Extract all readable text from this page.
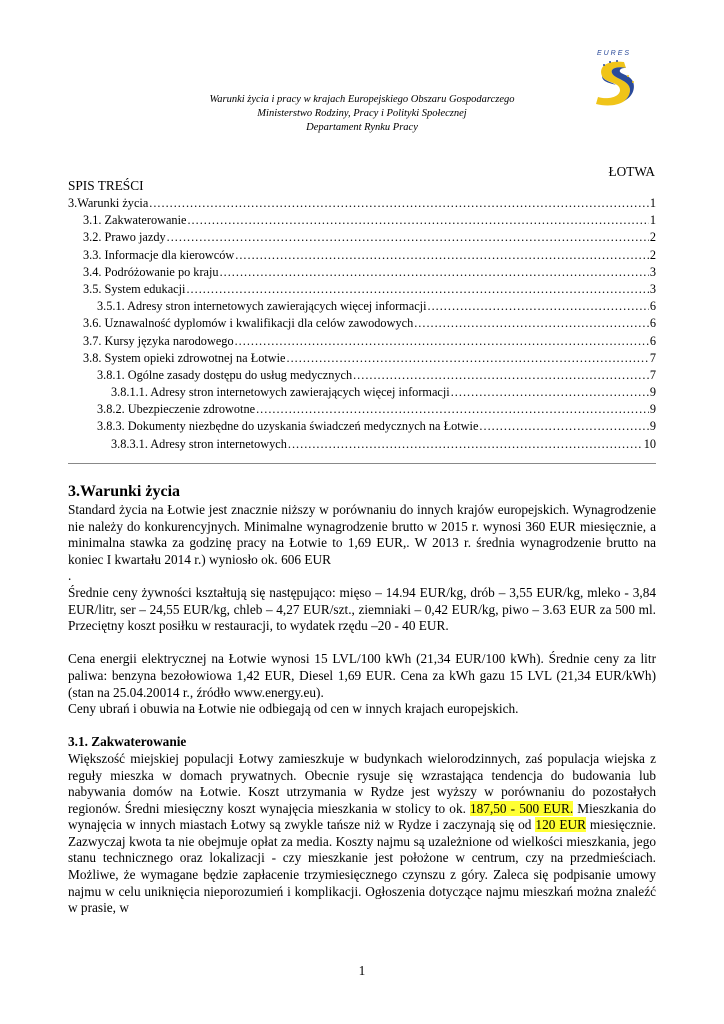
EURES
Warunki życia i pracy w krajach Europejskiego Obszaru Gospodarczego
Ministerstwo Rodziny, Pracy i Polityki Społecznej
Departament Rynku Pracy
ŁOTWA
SPIS TREŚCI
3.Warunki życia .....	1
3.1. Zakwaterowanie .....	1
3.2. Prawo jazdy .....	2
3.3. Informacje dla kierowców .....	2
3.4. Podróżowanie po kraju .....	3
3.5. System edukacji .....	3
3.5.1. Adresy stron internetowych zawierających więcej informacji .....	6
3.6. Uznawalność dyplomów i kwalifikacji dla celów zawodowych .....	6
3.7. Kursy języka narodowego .....	6
3.8. System opieki zdrowotnej na Łotwie .....	7
3.8.1. Ogólne zasady dostępu do usług medycznych .....	7
3.8.1.1. Adresy stron internetowych zawierających więcej informacji .....	9
3.8.2. Ubezpieczenie zdrowotne .....	9
3.8.3. Dokumenty niezbędne do uzyskania świadczeń medycznych na Łotwie .....	9
3.8.3.1. Adresy stron internetowych .....	10
3.Warunki życia

Standard życia na Łotwie jest znacznie niższy w porównaniu do innych krajów europejskich. Wynagrodzenie nie należy do konkurencyjnych. Minimalne wynagrodzenie brutto w 2015 r. wynosi 360 EUR miesięcznie, a minimalna stawka za godzinę pracy na Łotwie to 1,69 EUR,. W 2013 r. średnia wynagrodzenie brutto na koniec I kwartału 2014 r.) wyniosło ok. 606 EUR

.

Średnie ceny żywności kształtują się następująco: mięso – 14.94 EUR/kg, drób – 3,55 EUR/kg, mleko - 3,84 EUR/litr, ser – 24,55 EUR/kg, chleb – 4,27 EUR/szt., ziemniaki – 0,42 EUR/kg, piwo – 3.63 EUR za 500 ml. Przeciętny koszt posiłku w restauracji, to wydatek rzędu –20 - 40 EUR.

Cena energii elektrycznej na Łotwie wynosi 15 LVL/100 kWh (21,34 EUR/100 kWh). Średnie ceny za litr paliwa: benzyna bezołowiowa 1,42 EUR, Diesel 1,69 EUR. Cena za kWh gazu 15 LVL (21,34 EUR/kWh) (stan na 25.04.20014 r., źródło www.energy.eu).

Ceny ubrań i obuwia na Łotwie nie odbiegają od cen w innych krajach europejskich.

3.1. Zakwaterowanie

Większość miejskiej populacji Łotwy zamieszkuje w budynkach wielorodzinnych, zaś populacja wiejska z reguły mieszka w domach prywatnych. Obecnie rysuje się wzrastająca tendencja do budowania lub nabywania domów na Łotwie. Koszt utrzymania w Rydze jest wyższy w porównaniu do pozostałych regionów. Średni miesięczny koszt wynajęcia mieszkania w stolicy to ok. 187,50 - 500 EUR. Mieszkania do wynajęcia w innych miastach Łotwy są zwykle tańsze niż w Rydze i zaczynają się od 120 EUR miesięcznie. Zazwyczaj kwota ta nie obejmuje opłat za media. Koszty najmu są uzależnione od wielkości mieszkania, jego stanu technicznego oraz lokalizacji - czy mieszkanie jest położone w centrum, czy na przedmieściach. Możliwe, że wymagane będzie zapłacenie trzymiesięcznego czynszu z góry. Zaleca się podpisanie umowy najmu w celu uniknięcia nieporozumień i komplikacji. Ogłoszenia dotyczące najmu mieszkań można znaleźć w prasie, w

1
